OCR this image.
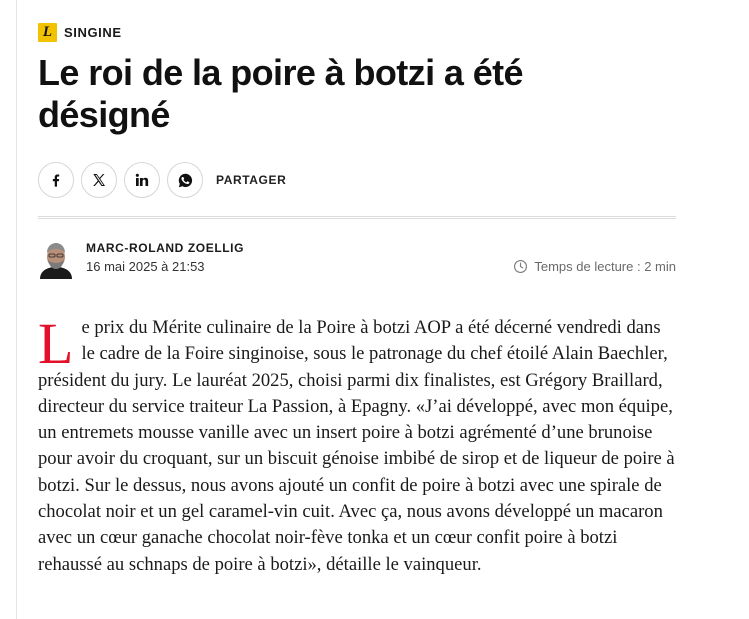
L SINGINE
Le roi de la poire à botzi a été désigné
PARTAGER
MARC-ROLAND ZOELLIG
16 mai 2025 à 21:53	Temps de lecture : 2 min

Le prix du Mérite culinaire de la Poire à botzi AOP a été décerné vendredi dans le cadre de la Foire singinoise, sous le patronage du chef étoilé Alain Baechler, président du jury. Le lauréat 2025, choisi parmi dix finalistes, est Grégory Braillard, directeur du service traiteur La Passion, à Epagny. «J’ai développé, avec mon équipe, un entremets mousse vanille avec un insert poire à botzi agrémenté d’une brunoise pour avoir du croquant, sur un biscuit génoise imbibé de sirop et de liqueur de poire à botzi. Sur le dessus, nous avons ajouté un confit de poire à botzi avec une spirale de chocolat noir et un gel caramel-vin cuit. Avec ça, nous avons développé un macaron avec un cœur ganache chocolat noir-fève tonka et un cœur confit poire à botzi rehaussé au schnaps de poire à botzi», détaille le vainqueur.
